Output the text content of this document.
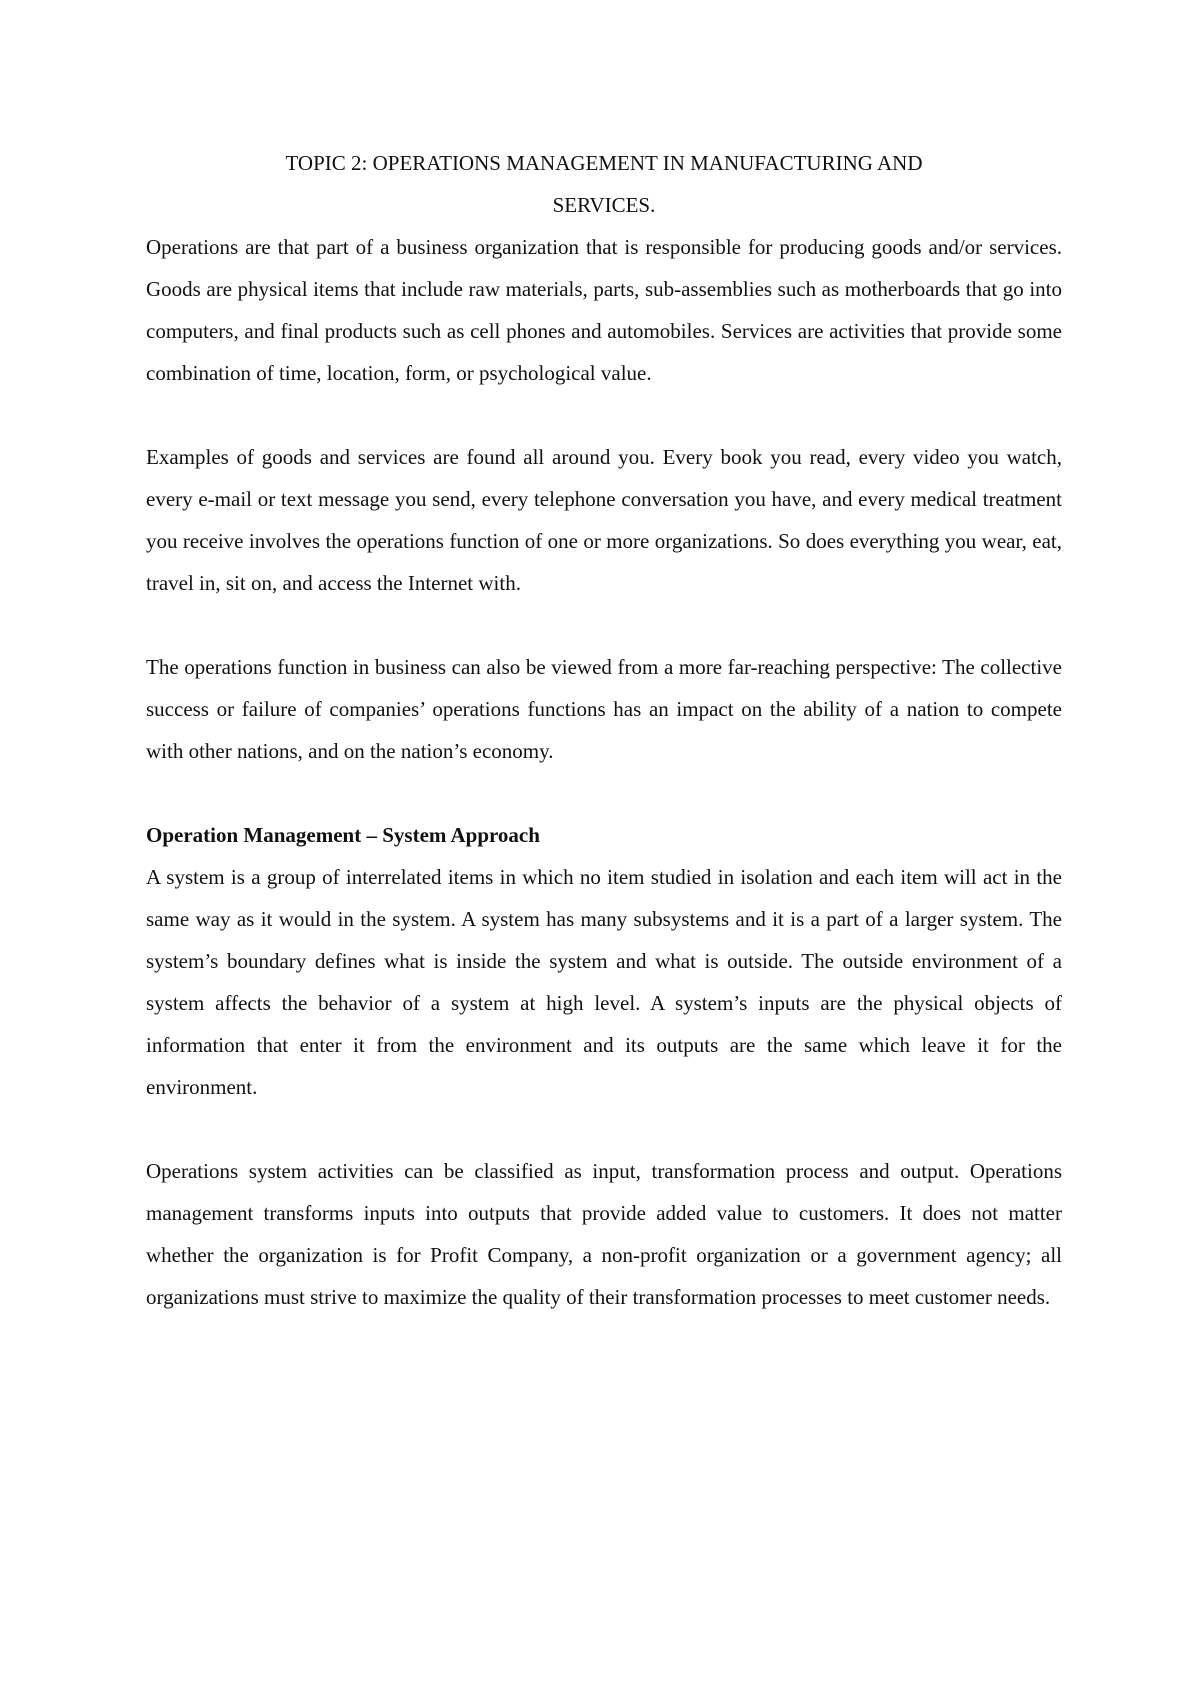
TOPIC 2: OPERATIONS MANAGEMENT IN MANUFACTURING AND
SERVICES.

Operations are that part of a business organization that is responsible for producing goods and/or services. Goods are physical items that include raw materials, parts, sub-assemblies such as motherboards that go into computers, and final products such as cell phones and automobiles. Services are activities that provide some combination of time, location, form, or psychological value.

Examples of goods and services are found all around you. Every book you read, every video you watch, every e-mail or text message you send, every telephone conversation you have, and every medical treatment you receive involves the operations function of one or more organizations. So does everything you wear, eat, travel in, sit on, and access the Internet with.

The operations function in business can also be viewed from a more far-reaching perspective: The collective success or failure of companies’ operations functions has an impact on the ability of a nation to compete with other nations, and on the nation’s economy.

Operation Management – System Approach

A system is a group of interrelated items in which no item studied in isolation and each item will act in the same way as it would in the system. A system has many subsystems and it is a part of a larger system. The system’s boundary defines what is inside the system and what is outside. The outside environment of a system affects the behavior of a system at high level. A system’s inputs are the physical objects of information that enter it from the environment and its outputs are the same which leave it for the environment.

Operations system activities can be classified as input, transformation process and output. Operations management transforms inputs into outputs that provide added value to customers. It does not matter whether the organization is for Profit Company, a non-profit organization or a government agency; all organizations must strive to maximize the quality of their transformation processes to meet customer needs.
